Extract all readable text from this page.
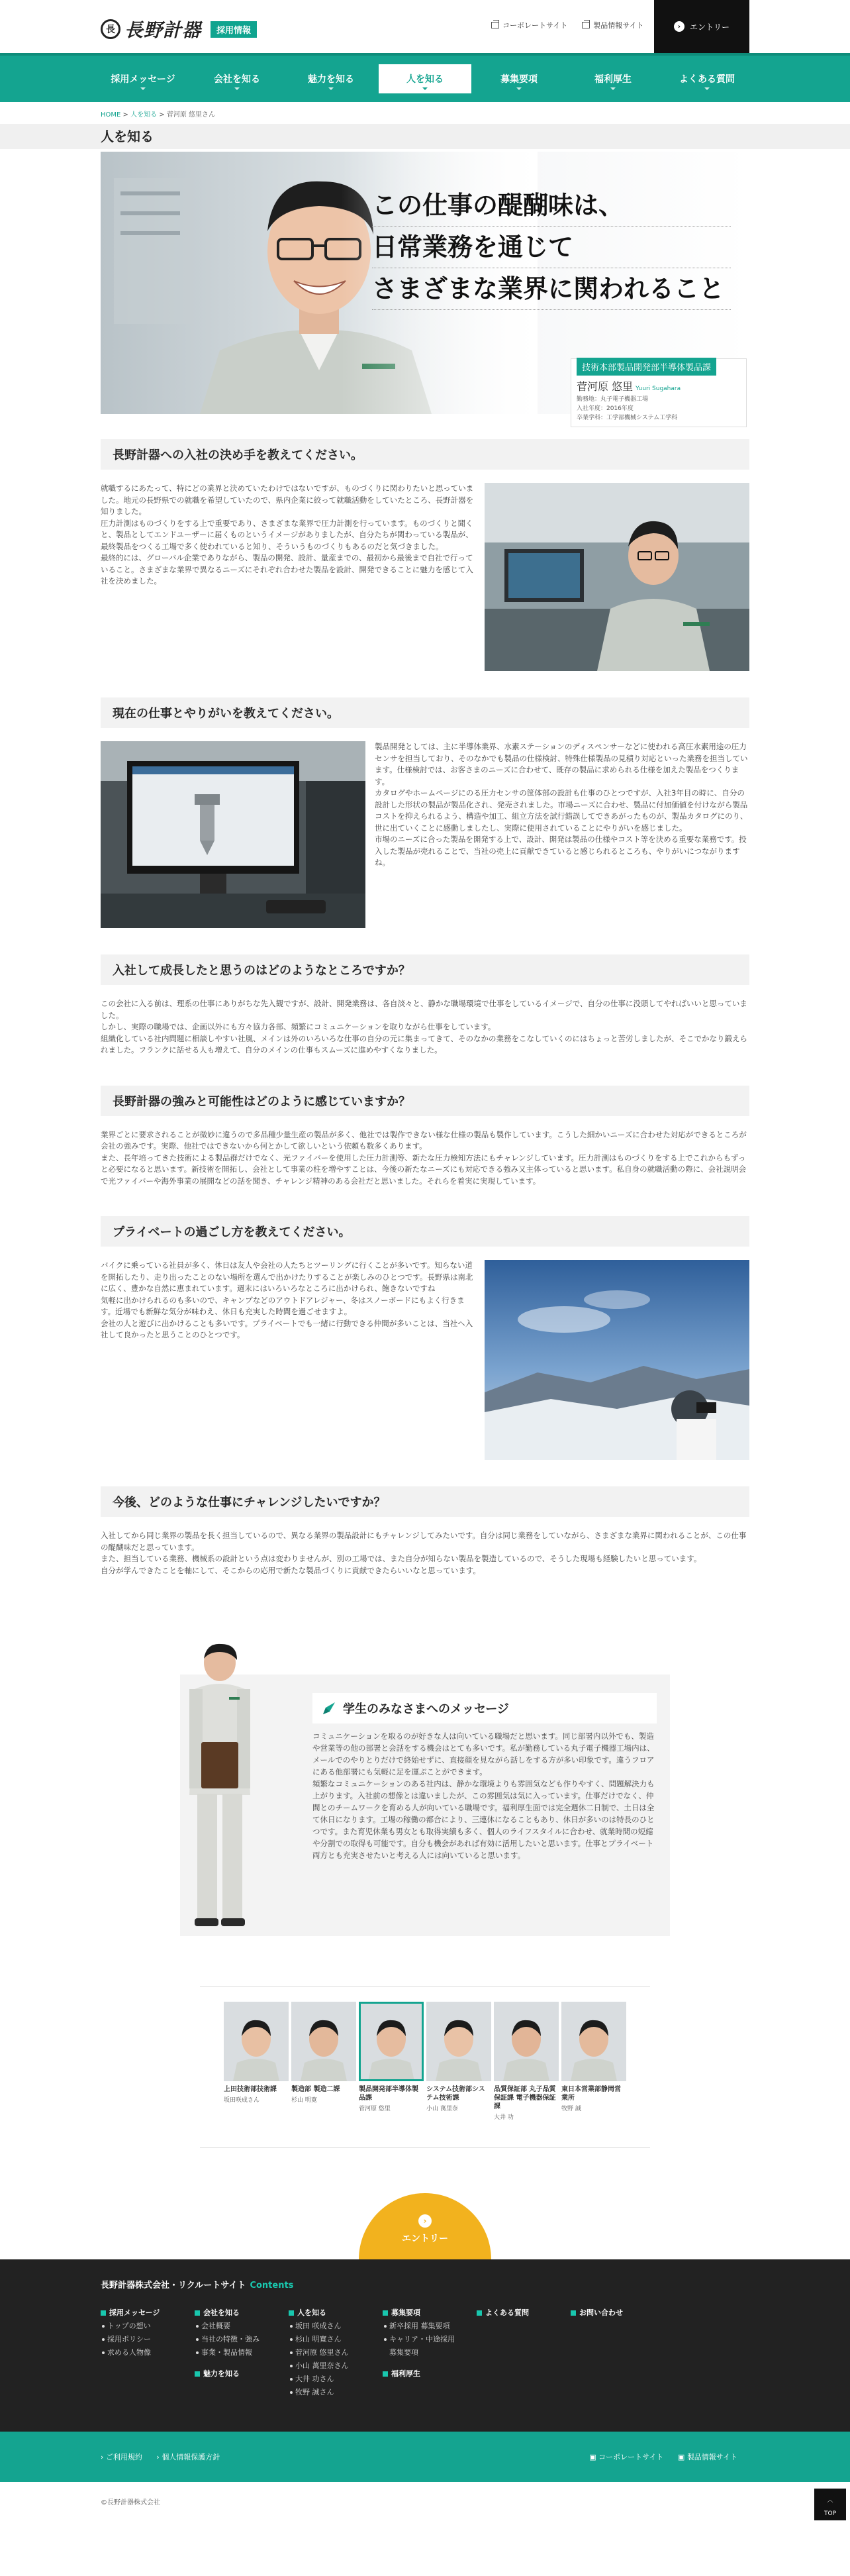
長 長野計器	採用情報	コーポレートサイト	製品情報サイト	›	エントリー
採用メッセージ	会社を知る	魅力を知る	人を知る	募集要項	福利厚生	よくある質問
HOME > 人を知る > 菅河原 悠里さん
人を知る
この仕事の醍醐味は、
日常業務を通じて
さまざまな業界に関われること
技術本部製品開発部半導体製品課
菅河原 悠里 Yuuri Sugahara
勤務地：丸子電子機器工場
入社年度：2016年度
卒業学科：工学部機械システム工学科
長野計器への入社の決め手を教えてください。

就職するにあたって、特にどの業界と決めていたわけではないですが、ものづくりに関わりたいと思っていました。地元の長野県での就職を希望していたので、県内企業に絞って就職活動をしていたところ、長野計器を知りました。
圧力計測はものづくりをする上で重要であり、さまざまな業界で圧力計測を行っています。ものづくりと聞くと、製品としてエンドユーザーに届くものというイメージがありましたが、自分たちが関わっている製品が、最終製品をつくる工場で多く使われていると知り、そういうものづくりもあるのだと気づきました。
最終的には、グローバル企業でありながら、製品の開発、設計、量産までの、最初から最後まで自社で行っていること。さまざまな業界で異なるニーズにそれぞれ合わせた製品を設計、開発できることに魅力を感じて入社を決めました。

現在の仕事とやりがいを教えてください。

製品開発としては、主に半導体業界、水素ステーションのディスペンサーなどに使われる高圧水素用途の圧力センサを担当しており、そのなかでも製品の仕様検討、特殊仕様製品の見積り対応といった業務を担当しています。仕様検討では、お客さまのニーズに合わせて、既存の製品に求められる仕様を加えた製品をつくります。
カタログやホームページにのる圧力センサの筐体部の設計も仕事のひとつですが、入社3年目の時に、自分の設計した形状の製品が製品化され、発売されました。市場ニーズに合わせ、製品に付加価値を付けながら製品コストを抑えられるよう、構造や加工、組立方法を試行錯誤してできあがったものが、製品カタログにのり、世に出ていくことに感動しましたし、実際に使用されていることにやりがいを感じました。
市場のニーズに合った製品を開発する上で、設計、開発は製品の仕様やコスト等を決める重要な業務です。投入した製品が売れることで、当社の売上に貢献できていると感じられるところも、やりがいにつながりますね。

入社して成長したと思うのはどのようなところですか？

この会社に入る前は、理系の仕事にありがちな先入観ですが、設計、開発業務は、各自淡々と、静かな職場環境で仕事をしているイメージで、自分の仕事に没頭してやればいいと思っていました。
しかし、実際の職場では、企画以外にも方々協力各部、頻繁にコミュニケーションを取りながら仕事をしています。
組織化している社内問題に相談しやすい社風、メインは外のいろいろな仕事の自分の元に集まってきて、そのなかの業務をこなしていくのにはちょっと苦労しましたが、そこでかなり鍛えられました。フランクに話せる人も増えて、自分のメインの仕事もスムーズに進めやすくなりました。

長野計器の強みと可能性はどのように感じていますか？

業界ごとに要求されることが微妙に違うので多品種少量生産の製品が多く、他社では製作できない様な仕様の製品も製作しています。こうした細かいニーズに合わせた対応ができるところが会社の強みです。実際、他社ではできないから何とかして欲しいという依頼も数多くあります。
また、長年培ってきた技術による製品群だけでなく、光ファイバーを使用した圧力計測等、新たな圧力検知方法にもチャレンジしています。圧力計測はものづくりをする上でこれからもずっと必要になると思います。新技術を開拓し、会社として事業の柱を増やすことは、今後の新たなニーズにも対応できる強み又主体っていると思います。私自身の就職活動の際に、会社説明会で光ファイバーや海外事業の展開などの話を聞き、チャレンジ精神のある会社だと思いました。それらを着実に実現しています。

プライベートの過ごし方を教えてください。

バイクに乗っている社員が多く、休日は友人や会社の人たちとツーリングに行くことが多いです。知らない道を開拓したり、走り出ったことのない場所を選んで出かけたりすることが楽しみのひとつです。長野県は南北に広く、豊かな自然に恵まれています。週末にはいろいろなところに出かけられ、飽きないですね
気軽に出かけられるのも多いので、キャンプなどのアウトドアレジャー、冬はスノーボードにもよく行きます。近場でも新鮮な気分が味わえ、休日も充実した時間を過ごせますよ。
会社の人と遊びに出かけることも多いです。プライベートでも一緒に行動できる仲間が多いことは、当社へ入社して良かったと思うことのひとつです。

今後、どのような仕事にチャレンジしたいですか？

入社してから同じ業界の製品を長く担当しているので、異なる業界の製品設計にもチャレンジしてみたいです。自分は同じ業務をしていながら、さまざまな業界に関われることが、この仕事の醍醐味だと思っています。
また、担当している業務、機械系の設計という点は変わりませんが、別の工場では、また自分が知らない製品を製造しているので、そうした現場も経験したいと思っています。
自分が学んできたことを軸にして、そこからの応用で新たな製品づくりに貢献できたらいいなと思っています。

学生のみなさまへのメッセージ

コミュニケーションを取るのが好きな人は向いている職場だと思います。同じ部署内以外でも、製造や営業等の他の部署と会話をする機会はとても多いです。私が勤務している丸子電子機器工場内は、メールでのやりとりだけで終始せずに、直接顔を見ながら話しをする方が多い印象です。違うフロアにある他部署にも気軽に足を運ぶことができます。
頻繁なコミュニケーションのある社内は、静かな環境よりも雰囲気なども作りやすく、問題解決力も上がります。入社前の想像とは違いましたが、この雰囲気は気に入っています。仕事だけでなく、仲間とのチームワークを育める人が向いている職場です。福利厚生面では完全週休二日制で、土日は全て休日になります。工場の稼働の都合により、三連休になることもあり、休日が多いのは特長のひとつです。また育児休業も男女とも取得実績も多く、個人のライフスタイルに合わせ、就業時間の短縮や分割での取得も可能です。自分も機会があれば有効に活用したいと思います。仕事とプライベート両方とも充実させたいと考える人には向いていると思います。

上田技術部技術課
坂田咲成さん
製造部 製造二課
杉山 明寛
製品開発部半導体製品課
菅河原 悠里
システム技術部システム技術課
小山 萬里奈
品質保証部 丸子品質保証課 電子機器保証課
大井 功
東日本営業部静岡営業所
牧野 誠
›
エントリー
長野計器株式会社・リクルートサイト Contents
採用メッセージ
トップの想い
採用ポリシー
求める人物像
会社を知る
会社概要
当社の特徴・強み
事業・製品情報
魅力を知る
人を知る
坂田 咲成さん
杉山 明寛さん
菅河原 悠里さん
小山 萬里奈さん
大井 功さん
牧野 誠さん
募集要項
新卒採用 募集要項
キャリア・中途採用 募集要項
福利厚生
よくある質問	お問い合わせ
› ご利用規約 › 個人情報保護方針	▣ コーポレートサイト ▣ 製品情報サイト
©長野計器株式会社	︿
TOP
